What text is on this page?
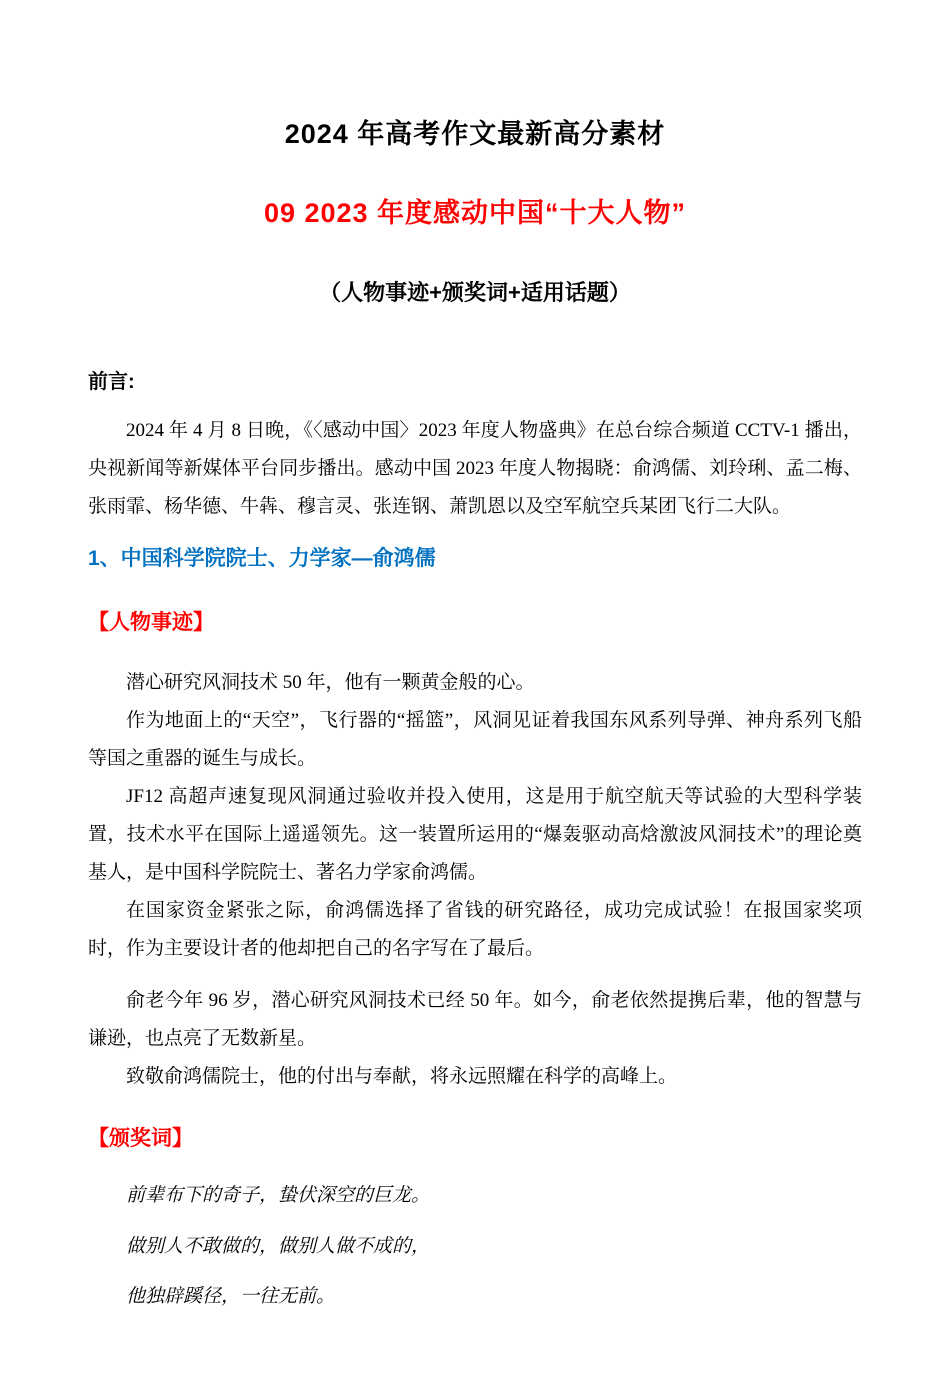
2024 年高考作文最新高分素材
09 2023 年度感动中国“十大人物”
（人物事迹+颁奖词+适用话题）
前言:

2024 年 4 月 8 日晚，《〈感动中国〉2023 年度人物盛典》在总台综合频道 CCTV-1 播出，央视新闻等新媒体平台同步播出。感动中国 2023 年度人物揭晓：俞鸿儒、刘玲琍、孟二梅、张雨霏、杨华德、牛犇、穆言灵、张连钢、萧凯恩以及空军航空兵某团飞行二大队。

1、中国科学院院士、力学家—俞鸿儒
【人物事迹】

潜心研究风洞技术 50 年，他有一颗黄金般的心。

作为地面上的“天空”，飞行器的“摇篮”，风洞见证着我国东风系列导弹、神舟系列飞船等国之重器的诞生与成长。

JF12 高超声速复现风洞通过验收并投入使用，这是用于航空航天等试验的大型科学装置，技术水平在国际上遥遥领先。这一装置所运用的“爆轰驱动高焓激波风洞技术”的理论奠基人，是中国科学院院士、著名力学家俞鸿儒。

在国家资金紧张之际，俞鸿儒选择了省钱的研究路径，成功完成试验！在报国家奖项时，作为主要设计者的他却把自己的名字写在了最后。

俞老今年 96 岁，潜心研究风洞技术已经 50 年。如今，俞老依然提携后辈，他的智慧与谦逊，也点亮了无数新星。

致敬俞鸿儒院士，他的付出与奉献，将永远照耀在科学的高峰上。

【颁奖词】

前辈布下的奇子，蛰伏深空的巨龙。

做别人不敢做的，做别人做不成的，

他独辟蹊径，一往无前。
